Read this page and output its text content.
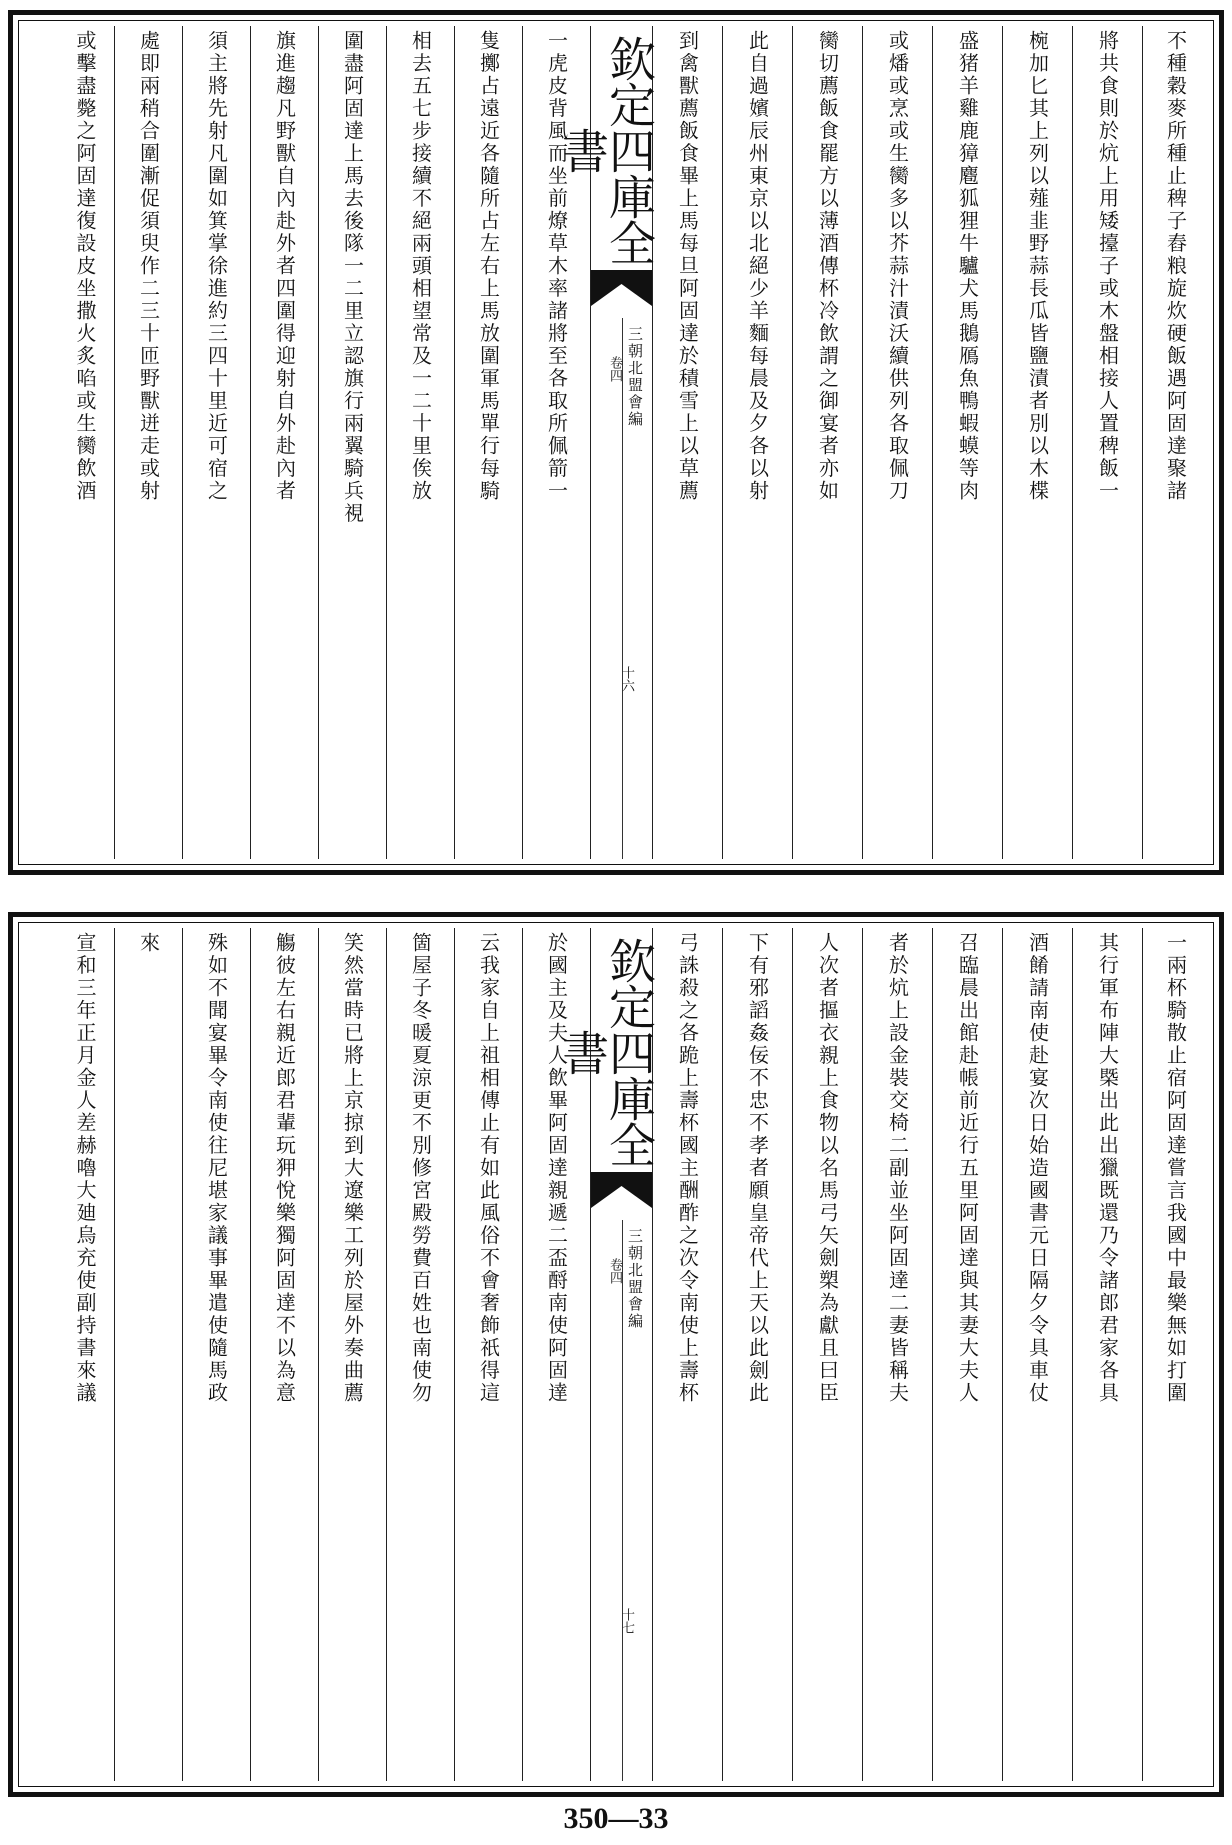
不種穀麥所種止稗子舂粮旋炊硬飯遇阿固達聚諸
將共食則於炕上用矮擡子或木盤相接人置稗飯一
椀加匕其上列以薤韭野蒜長瓜皆鹽漬者別以木楪
盛猪羊雞鹿獐麅狐狸牛驢犬馬鵝鴈魚鴨蝦蟆等肉
或燔或烹或生臠多以芥蒜汁漬沃續供列各取佩刀
臠切薦飯食罷方以薄酒傳杯冷飲謂之御宴者亦如
此自過嬪辰州東京以北絕少羊麵每晨及夕各以射
到禽獸薦飯食畢上馬每旦阿固達於積雪上以草薦
欽定四庫全書
三朝北盟會編
卷四
十六
一虎皮背風而坐前燎草木率諸將至各取所佩箭一
隻擲占遠近各隨所占左右上馬放圍軍馬單行每騎
相去五七步接續不絕兩頭相望常及一二十里俟放
圍盡阿固達上馬去後隊一二里立認旗行兩翼騎兵視
旗進趨凡野獸自內赴外者四圍得迎射自外赴內者
須主將先射凡圍如箕掌徐進約三四十里近可宿之
處即兩稍合圍漸促須臾作二三十匝野獸迸走或射
或擊盡斃之阿固達復設皮坐撒火炙啗或生臠飲酒
一兩杯騎散止宿阿固達嘗言我國中最樂無如打圍
其行軍布陣大槩出此出獵既還乃令諸郎君家各具
酒餚請南使赴宴次日始造國書元日隔夕令具車仗
召臨晨出館赴帳前近行五里阿固達與其妻大夫人
者於炕上設金裝交椅二副並坐阿固達二妻皆稱夫
人次者摳衣親上食物以名馬弓矢劍槊為獻且曰臣
下有邪謟姦佞不忠不孝者願皇帝代上天以此劍此
弓誅殺之各跪上壽杯國主酬酢之次令南使上壽杯
欽定四庫全書
三朝北盟會編
卷四
十七
於國主及夫人飲畢阿固達親遞二盃酹南使阿固達
云我家自上祖相傳止有如此風俗不會奢飾祇得這
箇屋子冬暖夏涼更不別修宮殿勞費百姓也南使勿
笑然當時已將上京掠到大遼樂工列於屋外奏曲薦
觴彼左右親近郎君輩玩狎悅樂獨阿固達不以為意
殊如不聞宴畢令南使往尼堪家議事畢遣使隨馬政
來
宣和三年正月金人差赫嚕大廸烏充使副持書來議
350—33
